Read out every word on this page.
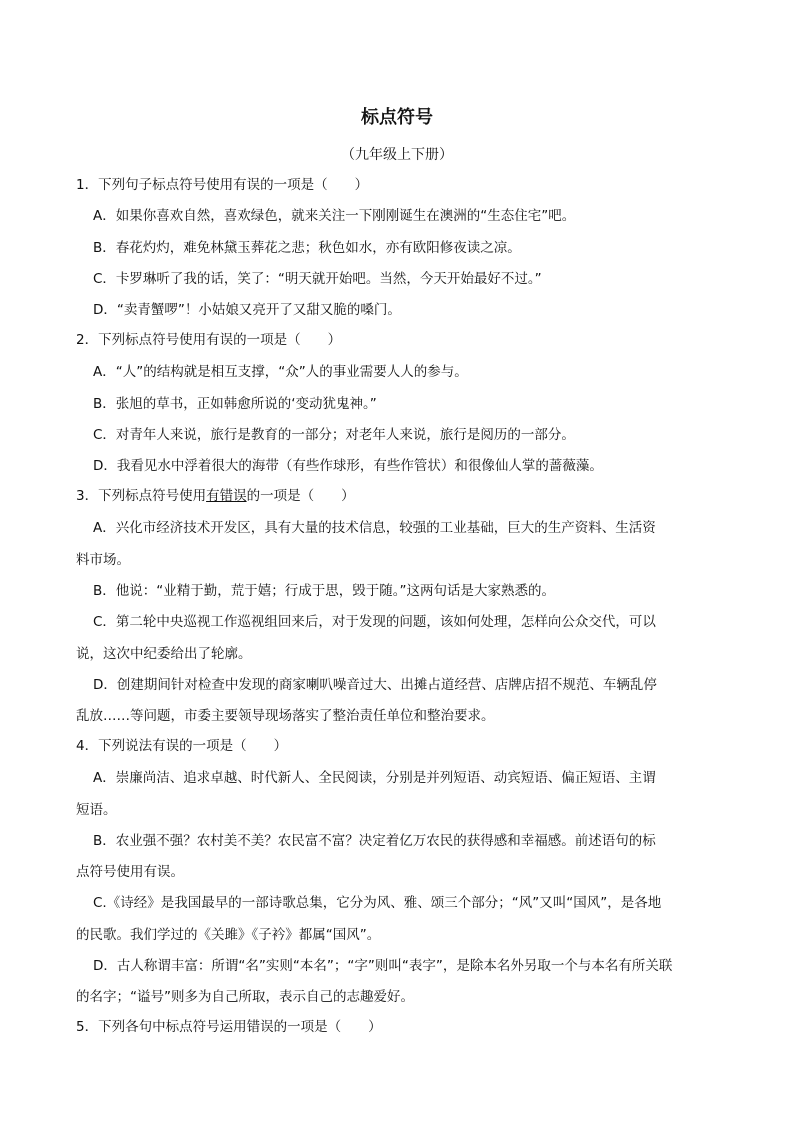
标点符号
（九年级上下册）
1．下列句子标点符号使用有误的一项是（　　）
A．如果你喜欢自然，喜欢绿色，就来关注一下刚刚诞生在澳洲的“生态住宅”吧。
B．春花灼灼，难免林黛玉葬花之悲；秋色如水，亦有欧阳修夜读之凉。
C．卡罗琳听了我的话，笑了：“明天就开始吧。当然，今天开始最好不过。”
D．“卖青蟹啰”！小姑娘又亮开了又甜又脆的嗓门。
2．下列标点符号使用有误的一项是（　　）
A．“人”的结构就是相互支撑，“众”人的事业需要人人的参与。
B．张旭的草书，正如韩愈所说的‘变动犹鬼神。”
C．对青年人来说，旅行是教育的一部分；对老年人来说，旅行是阅历的一部分。
D．我看见水中浮着很大的海带（有些作球形，有些作管状）和很像仙人掌的蔷薇藻。
3．下列标点符号使用有错误的一项是（　　）
A．兴化市经济技术开发区，具有大量的技术信息，较强的工业基础，巨大的生产资料、生活资
料市场。
B．他说：“业精于勤，荒于嬉；行成于思，毁于随。”这两句话是大家熟悉的。
C．第二轮中央巡视工作巡视组回来后，对于发现的问题，该如何处理，怎样向公众交代，可以
说，这次中纪委给出了轮廓。
D．创建期间针对检查中发现的商家喇叭噪音过大、出摊占道经营、店牌店招不规范、车辆乱停
乱放……等问题，市委主要领导现场落实了整治责任单位和整治要求。
4．下列说法有误的一项是（　　）
A．崇廉尚洁、追求卓越、时代新人、全民阅读，分别是并列短语、动宾短语、偏正短语、主谓
短语。
B．农业强不强？农村美不美？农民富不富？决定着亿万农民的获得感和幸福感。前述语句的标
点符号使用有误。
C.《诗经》是我国最早的一部诗歌总集，它分为风、雅、颂三个部分；“风”又叫“国风”，是各地
的民歌。我们学过的《关雎》《子衿》都属“国风”。
D．古人称谓丰富：所谓“名”实则“本名”；“字”则叫“表字”，是除本名外另取一个与本名有所关联
的名字；“谥号”则多为自己所取，表示自己的志趣爱好。
5．下列各句中标点符号运用错误的一项是（　　）
